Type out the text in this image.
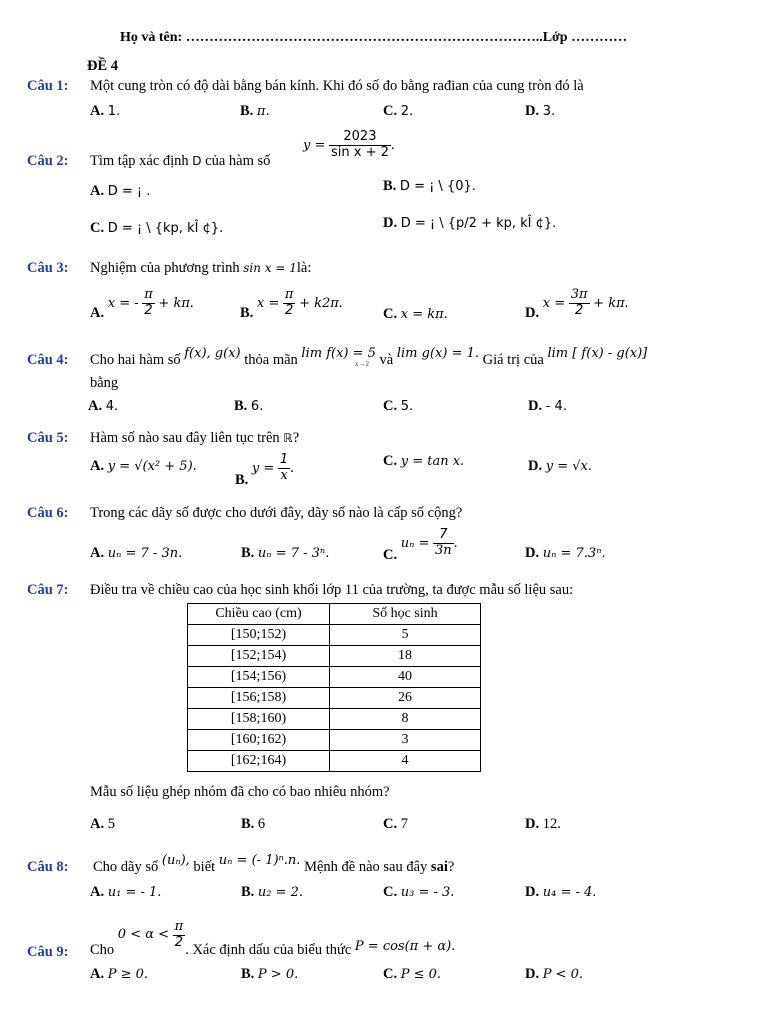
Họ và tên: …………………………………………………………………..Lớp …………
ĐỀ 4
Câu 1: Một cung tròn có độ dài bằng bán kính. Khi đó số đo bằng rađian của cung tròn đó là
A. 1.	B. π.	C. 2.	D. 3.
Câu 2: Tìm tập xác định D của hàm số
$y = \frac{2023}{\text{sin x + 2}}$ .
A. D = ¡ .	B. D = ¡ \ {0}.
C. D = ¡ \ {kp, kÎ ¢}.	D. D = ¡ \ {p/2 + kp, kÎ ¢}.
Câu 3: Nghiệm của phương trình sin x = 1là:
A. x = - $\frac{\pi}{2} + k\pi$.
B. $x = \frac{\pi}{2} + k2\pi$.
C. x = kπ.	D. $x = \frac{3\pi}{2} + k\pi$.
Câu 4: Cho hai hàm số f(x), g(x) thỏa mãn lim f(x) = 5 và lim g(x) = 1. Giá trị của lim [ f(x) - g(x)]
x→2
bằng
A. 4.	B. 6.	C. 5.	D. - 4.
Câu 5: Hàm số nào sau đây liên tục trên ℝ?
A. y = √(x² + 5).
B. $y = \frac{1}{x}$ .	C. y = tan x.	D. y = √x.
Câu 6: Trong các dãy số được cho dưới đây, dãy số nào là cấp số cộng?
A. uₙ = 7 - 3n.	B. uₙ = 7 - 3ⁿ.	C. $u_n = \frac{7}{3n}$ .
D. uₙ = 7.3ⁿ.
Câu 7: Điều tra về chiều cao của học sinh khối lớp 11 của trường, ta được mẫu số liệu sau:
Chiều cao (cm)	Số học sinh
[150;152)	5
[152;154)	18
[154;156)	40
[156;158)	26
[158;160)	8
[160;162)	3
[162;164)	4
Mẫu số liệu ghép nhóm đã cho có bao nhiêu nhóm?
A. 5	B. 6	C. 7	D. 12.
Câu 8: Cho dãy số (uₙ), biết uₙ = (- 1)ⁿ.n. Mệnh đề nào sau đây sai?
A. u₁ = - 1.	B. u₂ = 2.	C. u₃ = - 3.	D. u₄ = - 4.
Câu 9: Cho $0 < \alpha < \frac{\pi}{2}$ . Xác định dấu của biểu thức P = cos(π + α).
A. P ≥ 0.	B. P > 0.	C. P ≤ 0.	D. P < 0.
